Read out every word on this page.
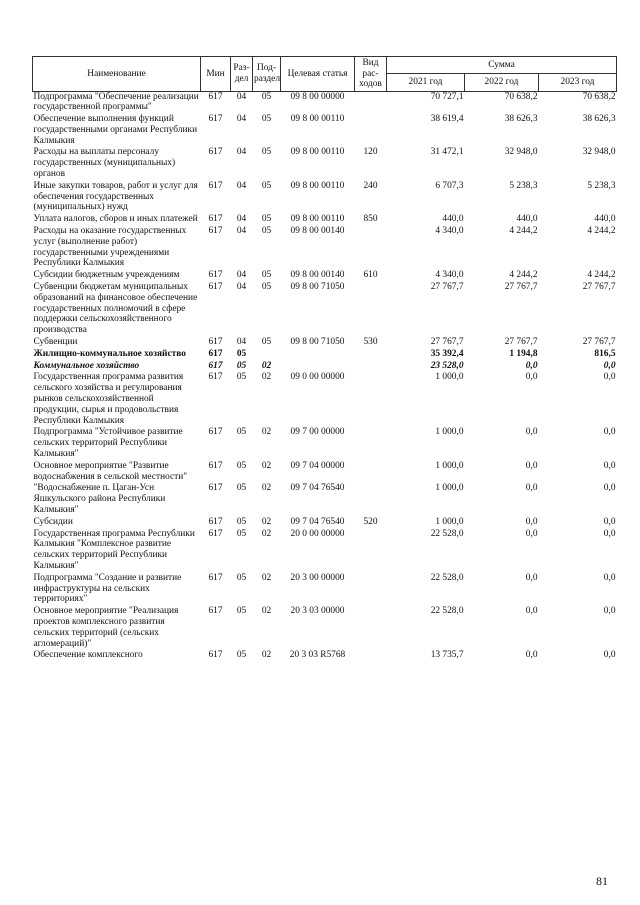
Наименование	Мин	Раз-дел	Под-раздел	Целевая статья	Вид рас-ходов	Сумма		
						2021 год	2022 год	2023 год
Подпрограмма "Обеспечение реализации государственной программы"	617	04	05	09 8 00 00000		70 727,1	70 638,2	70 638,2
Обеспечение выполнения функций государственными органами Республики Калмыкия	617	04	05	09 8 00 00110		38 619,4	38 626,3	38 626,3
Расходы на выплаты персоналу государственных (муниципальных) органов	617	04	05	09 8 00 00110	120	31 472,1	32 948,0	32 948,0
Иные закупки товаров, работ и услуг для обеспечения государственных (муниципальных) нужд	617	04	05	09 8 00 00110	240	6 707,3	5 238,3	5 238,3
Уплата налогов, сборов и иных платежей	617	04	05	09 8 00 00110	850	440,0	440,0	440,0
Расходы на оказание государственных услуг (выполнение работ) государственными учреждениями Республики Калмыкия	617	04	05	09 8 00 00140		4 340,0	4 244,2	4 244,2
Субсидии бюджетным учреждениям	617	04	05	09 8 00 00140	610	4 340,0	4 244,2	4 244,2
Субвенции бюджетам муниципальных образований на финансовое обеспечение государственных полномочий в сфере поддержки сельскохозяйственного производства	617	04	05	09 8 00 71050		27 767,7	27 767,7	27 767,7
Субвенции	617	04	05	09 8 00 71050	530	27 767,7	27 767,7	27 767,7
Жилищно-коммунальное хозяйство	617	05				35 392,4	1 194,8	816,5
Коммунальное хозяйство	617	05	02			23 528,0	0,0	0,0
Государственная программа развития сельского хозяйства и регулирования рынков сельскохозяйственной продукции, сырья и продовольствия Республики Калмыкия	617	05	02	09 0 00 00000		1 000,0	0,0	0,0
Подпрограмма "Устойчивое развитие сельских территорий Республики Калмыкия"	617	05	02	09 7 00 00000		1 000,0	0,0	0,0
Основное мероприятие "Развитие водоснабжения в сельской местности"	617	05	02	09 7 04 00000		1 000,0	0,0	0,0
"Водоснабжение п. Цаган-Усн Яшкульского района Республики Калмыкия"	617	05	02	09 7 04 76540		1 000,0	0,0	0,0
Субсидии	617	05	02	09 7 04 76540	520	1 000,0	0,0	0,0
Государственная программа Республики Калмыкия "Комплексное развитие сельских территорий Республики Калмыкия"	617	05	02	20 0 00 00000		22 528,0	0,0	0,0
Подпрограмма "Создание и развитие инфраструктуры на сельских территориях"	617	05	02	20 3 00 00000		22 528,0	0,0	0,0
Основное мероприятие "Реализация проектов комплексного развития сельских территорий (сельских агломераций)"	617	05	02	20 3 03 00000		22 528,0	0,0	0,0
Обеспечение комплексного	617	05	02	20 3 03 R5768		13 735,7	0,0	0,0
81
